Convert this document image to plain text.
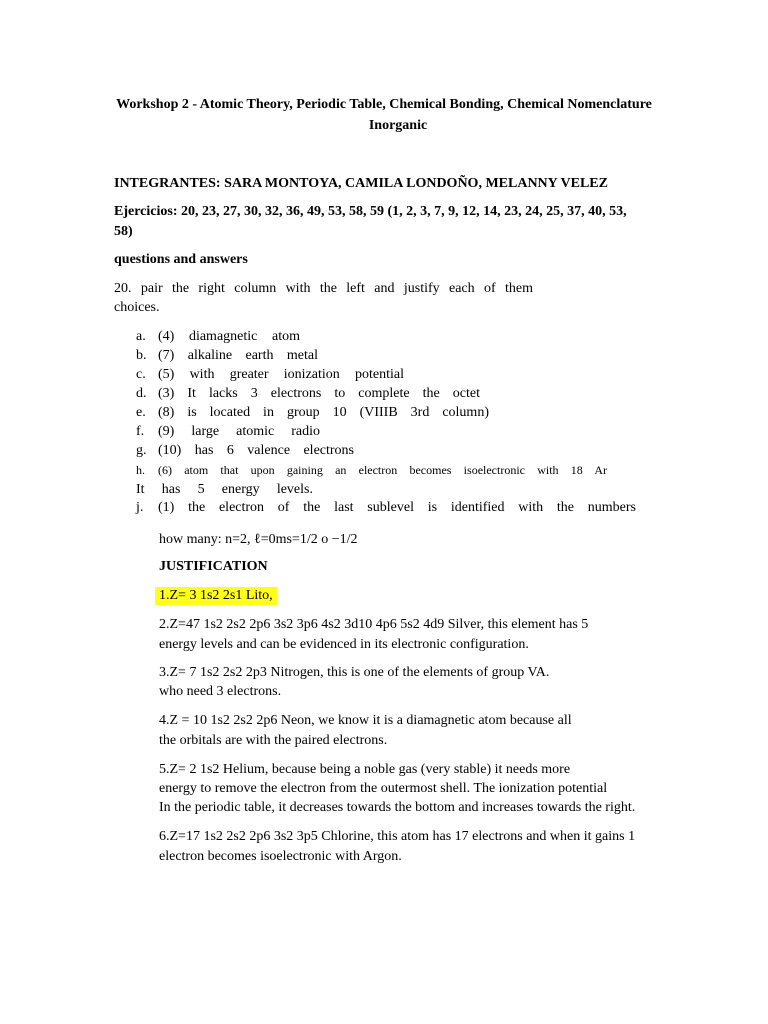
Workshop 2 - Atomic Theory, Periodic Table, Chemical Bonding, Chemical Nomenclature
Inorganic
INTEGRANTES: SARA MONTOYA, CAMILA LONDOÑO, MELANNY VELEZ
Ejercicios: 20, 23, 27, 30, 32, 36, 49, 53, 58, 59 (1, 2, 3, 7, 9, 12, 14, 23, 24, 25, 37, 40, 53,
58)
questions and answers
20. pair the right column with the left and justify each of them
choices.
a. (4) diamagnetic atom
b. (7) alkaline earth metal
c. (5) with greater ionization potential
d. (3) It lacks 3 electrons to complete the octet
e. (8) is located in group 10 (VIIIB 3rd column)
f. (9) large atomic radio
g. (10) has 6 valence electrons
h. (6) atom that upon gaining an electron becomes isoelectronic with 18 Ar
It has 5 energy levels.
j. (1) the electron of the last sublevel is identified with the numbers
how many: n=2, ℓ=0ms=1/2 o −1/2
JUSTIFICATION
1.Z= 3 1s2 2s1 Lito,
2.Z=47 1s2 2s2 2p6 3s2 3p6 4s2 3d10 4p6 5s2 4d9 Silver, this element has 5
energy levels and can be evidenced in its electronic configuration.
3.Z= 7 1s2 2s2 2p3 Nitrogen, this is one of the elements of group VA.
who need 3 electrons.
4.Z = 10 1s2 2s2 2p6 Neon, we know it is a diamagnetic atom because all
the orbitals are with the paired electrons.
5.Z= 2 1s2 Helium, because being a noble gas (very stable) it needs more
energy to remove the electron from the outermost shell. The ionization potential
In the periodic table, it decreases towards the bottom and increases towards the right.
6.Z=17 1s2 2s2 2p6 3s2 3p5 Chlorine, this atom has 17 electrons and when it gains 1
electron becomes isoelectronic with Argon.
